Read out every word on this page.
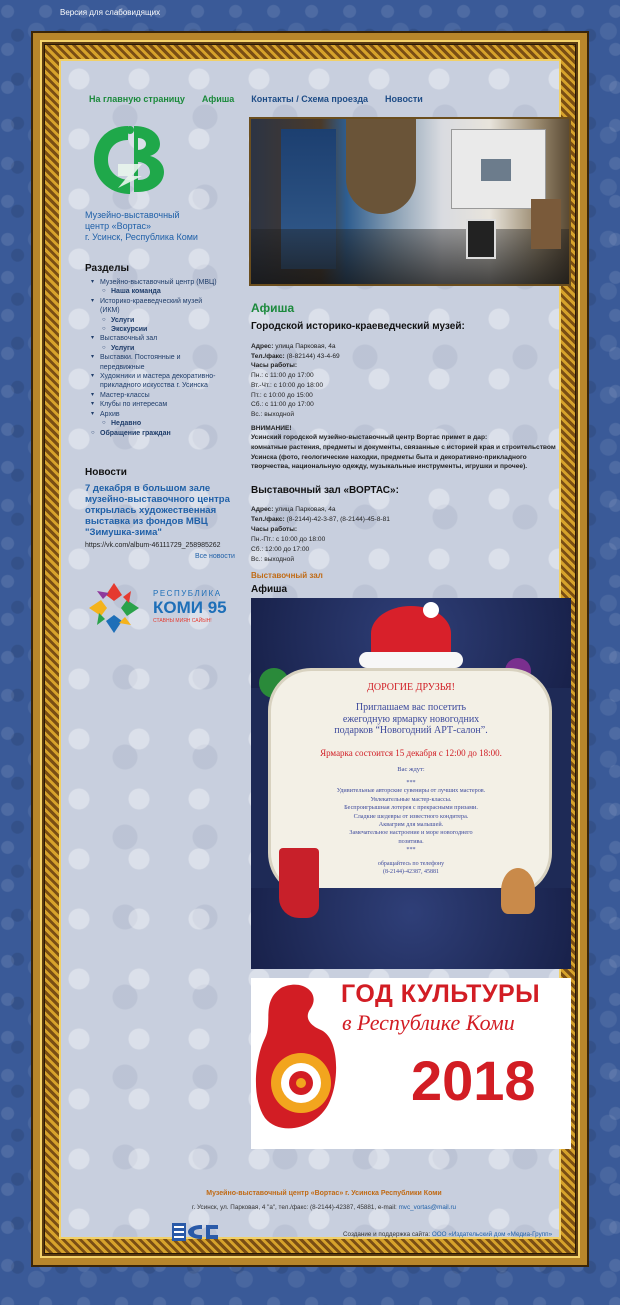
Версия для слабовидящих
На главную страницу Афиша Контакты / Схема проезда Новости
Музейно-выставочный
центр «Вортас»
г. Усинск, Республика Коми
Разделы
▾ Музейно-выставочный центр (МВЦ)
○ Наша команда
▾ Историко-краеведческий музей
(ИКМ)
○ Услуги
○ Экскурсии
▾ Выставочный зал
○ Услуги
▾ Выставки. Постоянные и
передвижные
▾ Художники и мастера декоративно-
прикладного искусства г. Усинска
▾ Мастер-классы
▾ Клубы по интересам
▾ Архив
○ Недавно
○ Обращение граждан
Новости
7 декабря в большом зале музейно-выставочного центра открылась художественная выставка из фондов МВЦ "Зимушка-зима"
https://vk.com/album-46111729_258985262
Все новости
РЕСПУБЛИКА
КОМИ 95
СТАВНЫ МИЯН САЙЫН!
Афиша
Городской историко-краеведческий музей:
Адрес: улица Парковая, 4а
Тел./факс: (8-82144) 43-4-69
Часы работы:
Пн.: с 11:00 до 17:00
Вт.-Чт.: с 10:00 до 18:00
Пт.: с 10:00 до 15:00
Сб.: с 11:00 до 17:00
Вс.: выходной
ВНИМАНИЕ!
Усинский городской музейно-выставочный центр Вортас примет в дар:
комнатные растения, предметы и документы, связанные с историей края и строительством
Усинска (фото, геологические находки, предметы быта и декоративно-прикладного
творчества, национальную одежду, музыкальные инструменты, игрушки и прочее).
Выставочный зал «ВОРТАС»:
Адрес: улица Парковая, 4а
Тел./факс: (8-2144)-42-3-87, (8-2144)-45-8-81
Часы работы:
Пн.-Пт.: с 10:00 до 18:00
Сб.: 12:00 до 17:00
Вс.: выходной
Выставочный зал
Афиша
ДОРОГИЕ ДРУЗЬЯ!
Приглашаем вас посетить
ежегодную ярмарку новогодних
подарков “Новогодний АРТ-салон”.
Ярмарка состоится 15 декабря с 12:00 до 18:00.
Вас ждут:
***
Удивительные авторские сувениры от лучших мастеров.
Увлекательные мастер-классы.
Беспроигрышная лотерея с прекрасными призами.
Сладкие шедевры от известного кондитера.
Аквагрим для малышей.
Замечательное настроение и море новогоднего
позитива.
***
обращайтесь по телефону
(8-2144)-42387, 45881
ГОД КУЛЬТУРЫ
в Республике Коми
2018
Музейно-выставочный центр «Вортас» г. Усинска Республики Коми
г. Усинск, ул. Парковая, 4 "а", тел./факс: (8-2144)-42387, 45881, e-mail: mvc_vortas@mail.ru
Создание и поддержка сайта: ООО «Издательский дом «Медиа-Групп»
